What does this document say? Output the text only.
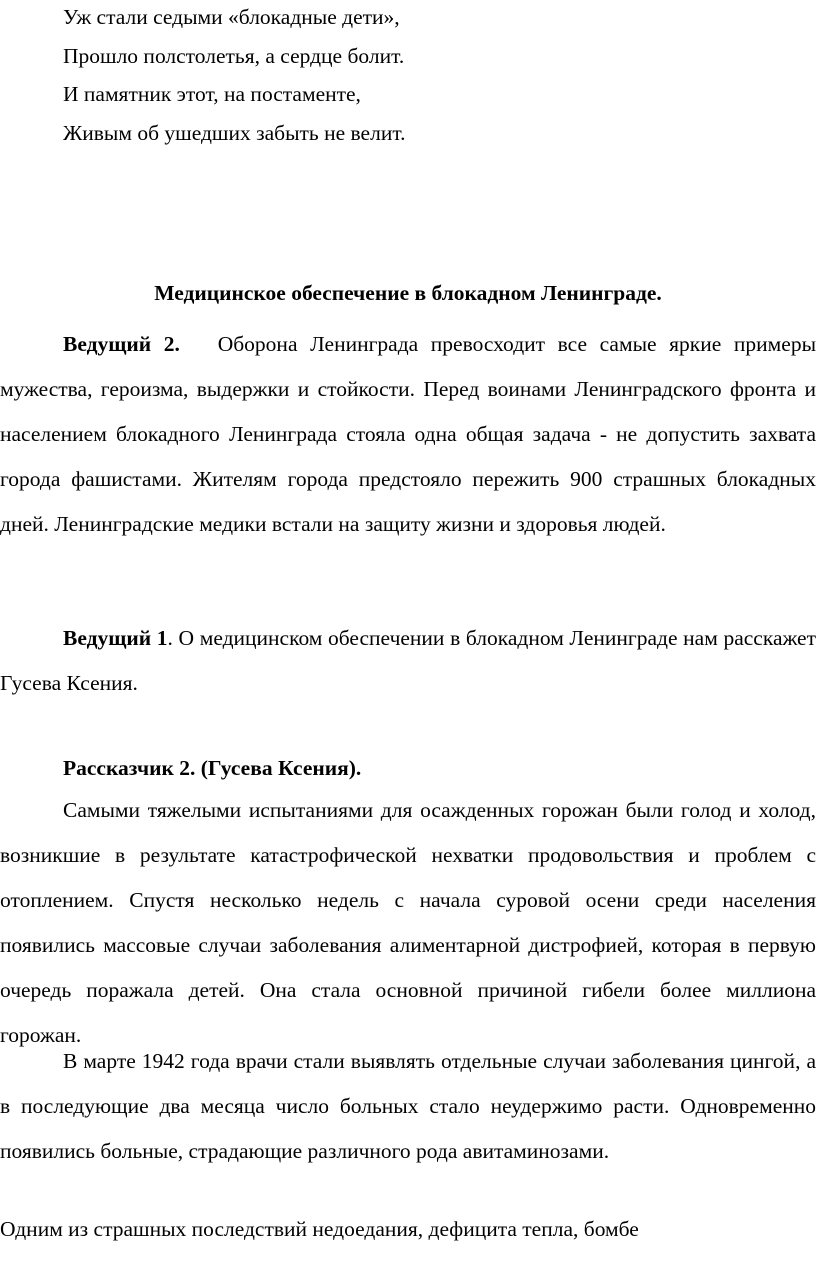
Уж стали седыми «блокадные дети»,
Прошло полстолетья, а сердце болит.
И памятник этот, на постаменте,
Живым об ушедших забыть не велит.
Медицинское обеспечение в блокадном Ленинграде.

Ведущий 2. Оборона Ленинграда превосходит все самые яркие примеры мужества, героизма, выдержки и стойкости. Перед воинами Ленинградского фронта и населением блокадного Ленинграда стояла одна общая задача - не допустить захвата города фашистами. Жителям города предстояло пережить 900 страшных блокадных дней. Ленинградские медики встали на защиту жизни и здоровья людей.

Ведущий 1. О медицинском обеспечении в блокадном Ленинграде нам расскажет Гусева Ксения.

Рассказчик 2. (Гусева Ксения).

Самыми тяжелыми испытаниями для осажденных горожан были голод и холод, возникшие в результате катастрофической нехватки продовольствия и проблем с отоплением. Спустя несколько недель с начала суровой осени среди населения появились массовые случаи заболевания алиментарной дистрофией, которая в первую очередь поражала детей. Она стала основной причиной гибели более миллиона горожан.

В марте 1942 года врачи стали выявлять отдельные случаи заболевания цингой, а в последующие два месяца число больных стало неудержимо расти. Одновременно появились больные, страдающие различного рода авитаминозами.

Одним из страшных последствий недоедания, дефицита тепла, бомбе
